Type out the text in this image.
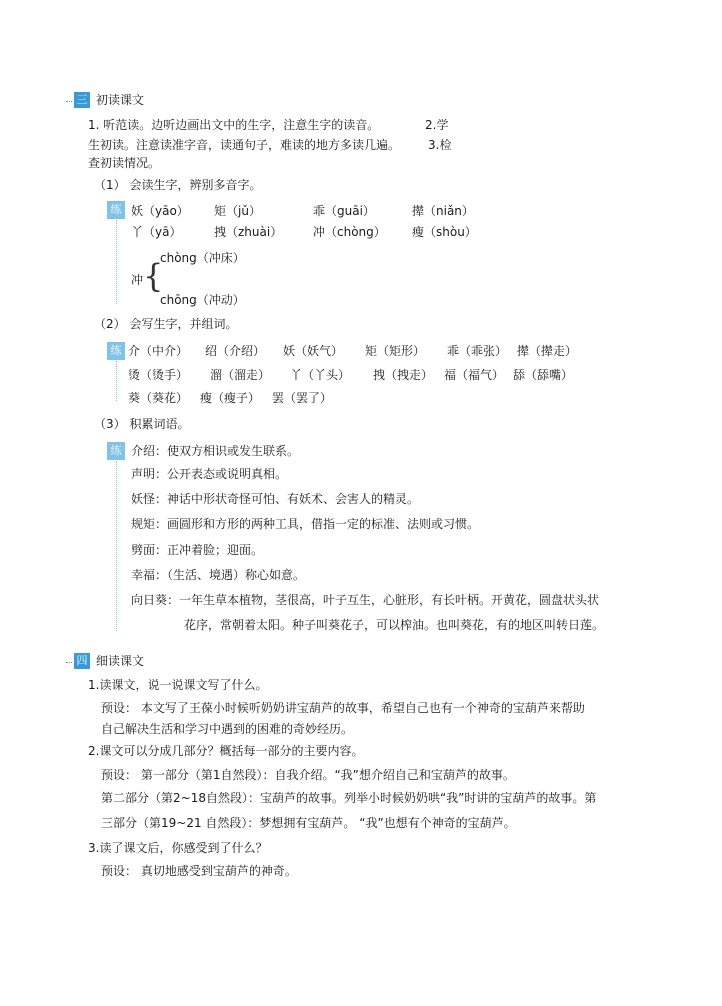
三 初读课文
1. 听范读。边听边画出文中的生字，注意生字的读音。	2.学
生初读。注意读准字音，读通句子，难读的地方多读几遍。 3.检
查初读情况。
（1） 会读生字，辨别多音字。
练 妖（yāo） 矩（jǔ）	乖（guāi）	撵（niǎn）
丫（yā）	拽（zhuài）	冲（chòng） 瘦（shòu）
冲 {
chòng（冲床）
chōng（冲动）
（2） 会写生字，并组词。
练 介（中介） 绍（介绍） 妖（妖气） 矩（矩形） 乖（乖张） 撵（撵走）
烫（烫手） 溜（溜走） 丫（丫头） 拽（拽走） 福（福气） 舔（舔嘴）
葵（葵花） 瘦（瘦子） 罢（罢了）
（3） 积累词语。
练 介绍：使双方相识或发生联系。
声明：公开表态或说明真相。
妖怪：神话中形状奇怪可怕、有妖术、会害人的精灵。
规矩：画圆形和方形的两种工具，借指一定的标准、法则或习惯。
劈面：正冲着脸；迎面。
幸福：（生活、境遇）称心如意。
向日葵：一年生草本植物，茎很高，叶子互生，心脏形，有长叶柄。开黄花，圆盘状头状
花序，常朝着太阳。种子叫葵花子，可以榨油。也叫葵花，有的地区叫转日莲。
四 细读课文
1.读课文，说一说课文写了什么。
预设： 本文写了王葆小时候听奶奶讲宝葫芦的故事，希望自己也有一个神奇的宝葫芦来帮助
自己解决生活和学习中遇到的困难的奇妙经历。
2.课文可以分成几部分？概括每一部分的主要内容。
预设： 第一部分（第1自然段）：自我介绍。“我”想介绍自己和宝葫芦的故事。
第二部分（第2~18自然段）：宝葫芦的故事。列举小时候奶奶哄“我”时讲的宝葫芦的故事。第
三部分（第19~21 自然段）：梦想拥有宝葫芦。 “我”也想有个神奇的宝葫芦。
3.读了课文后，你感受到了什么？
预设： 真切地感受到宝葫芦的神奇。
